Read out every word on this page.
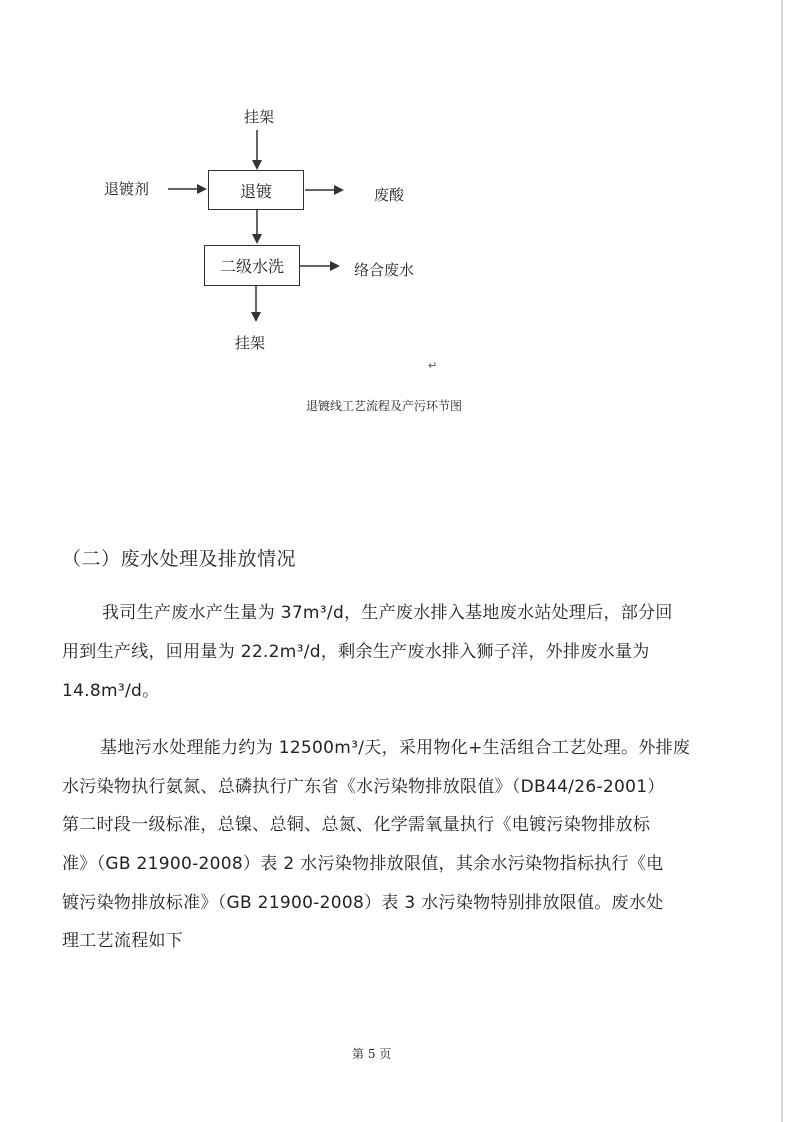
挂架
退镀剂	退镀	废酸
二级水洗	络合废水
挂架
↵
退镀线工艺流程及产污环节图
（二）废水处理及排放情况
我司生产废水产生量为 37m³/d，生产废水排入基地废水站处理后，部分回
用到生产线，回用量为 22.2m³/d，剩余生产废水排入狮子洋，外排废水量为
14.8m³/d。
基地污水处理能力约为 12500m³/天，采用物化+生活组合工艺处理。外排废
水污染物执行氨氮、总磷执行广东省《水污染物排放限值》（DB44/26-2001）
第二时段一级标准，总镍、总铜、总氮、化学需氧量执行《电镀污染物排放标
准》（GB 21900-2008）表 2 水污染物排放限值，其余水污染物指标执行《电
镀污染物排放标准》（GB 21900-2008）表 3 水污染物特别排放限值。废水处
理工艺流程如下
第 5 页
